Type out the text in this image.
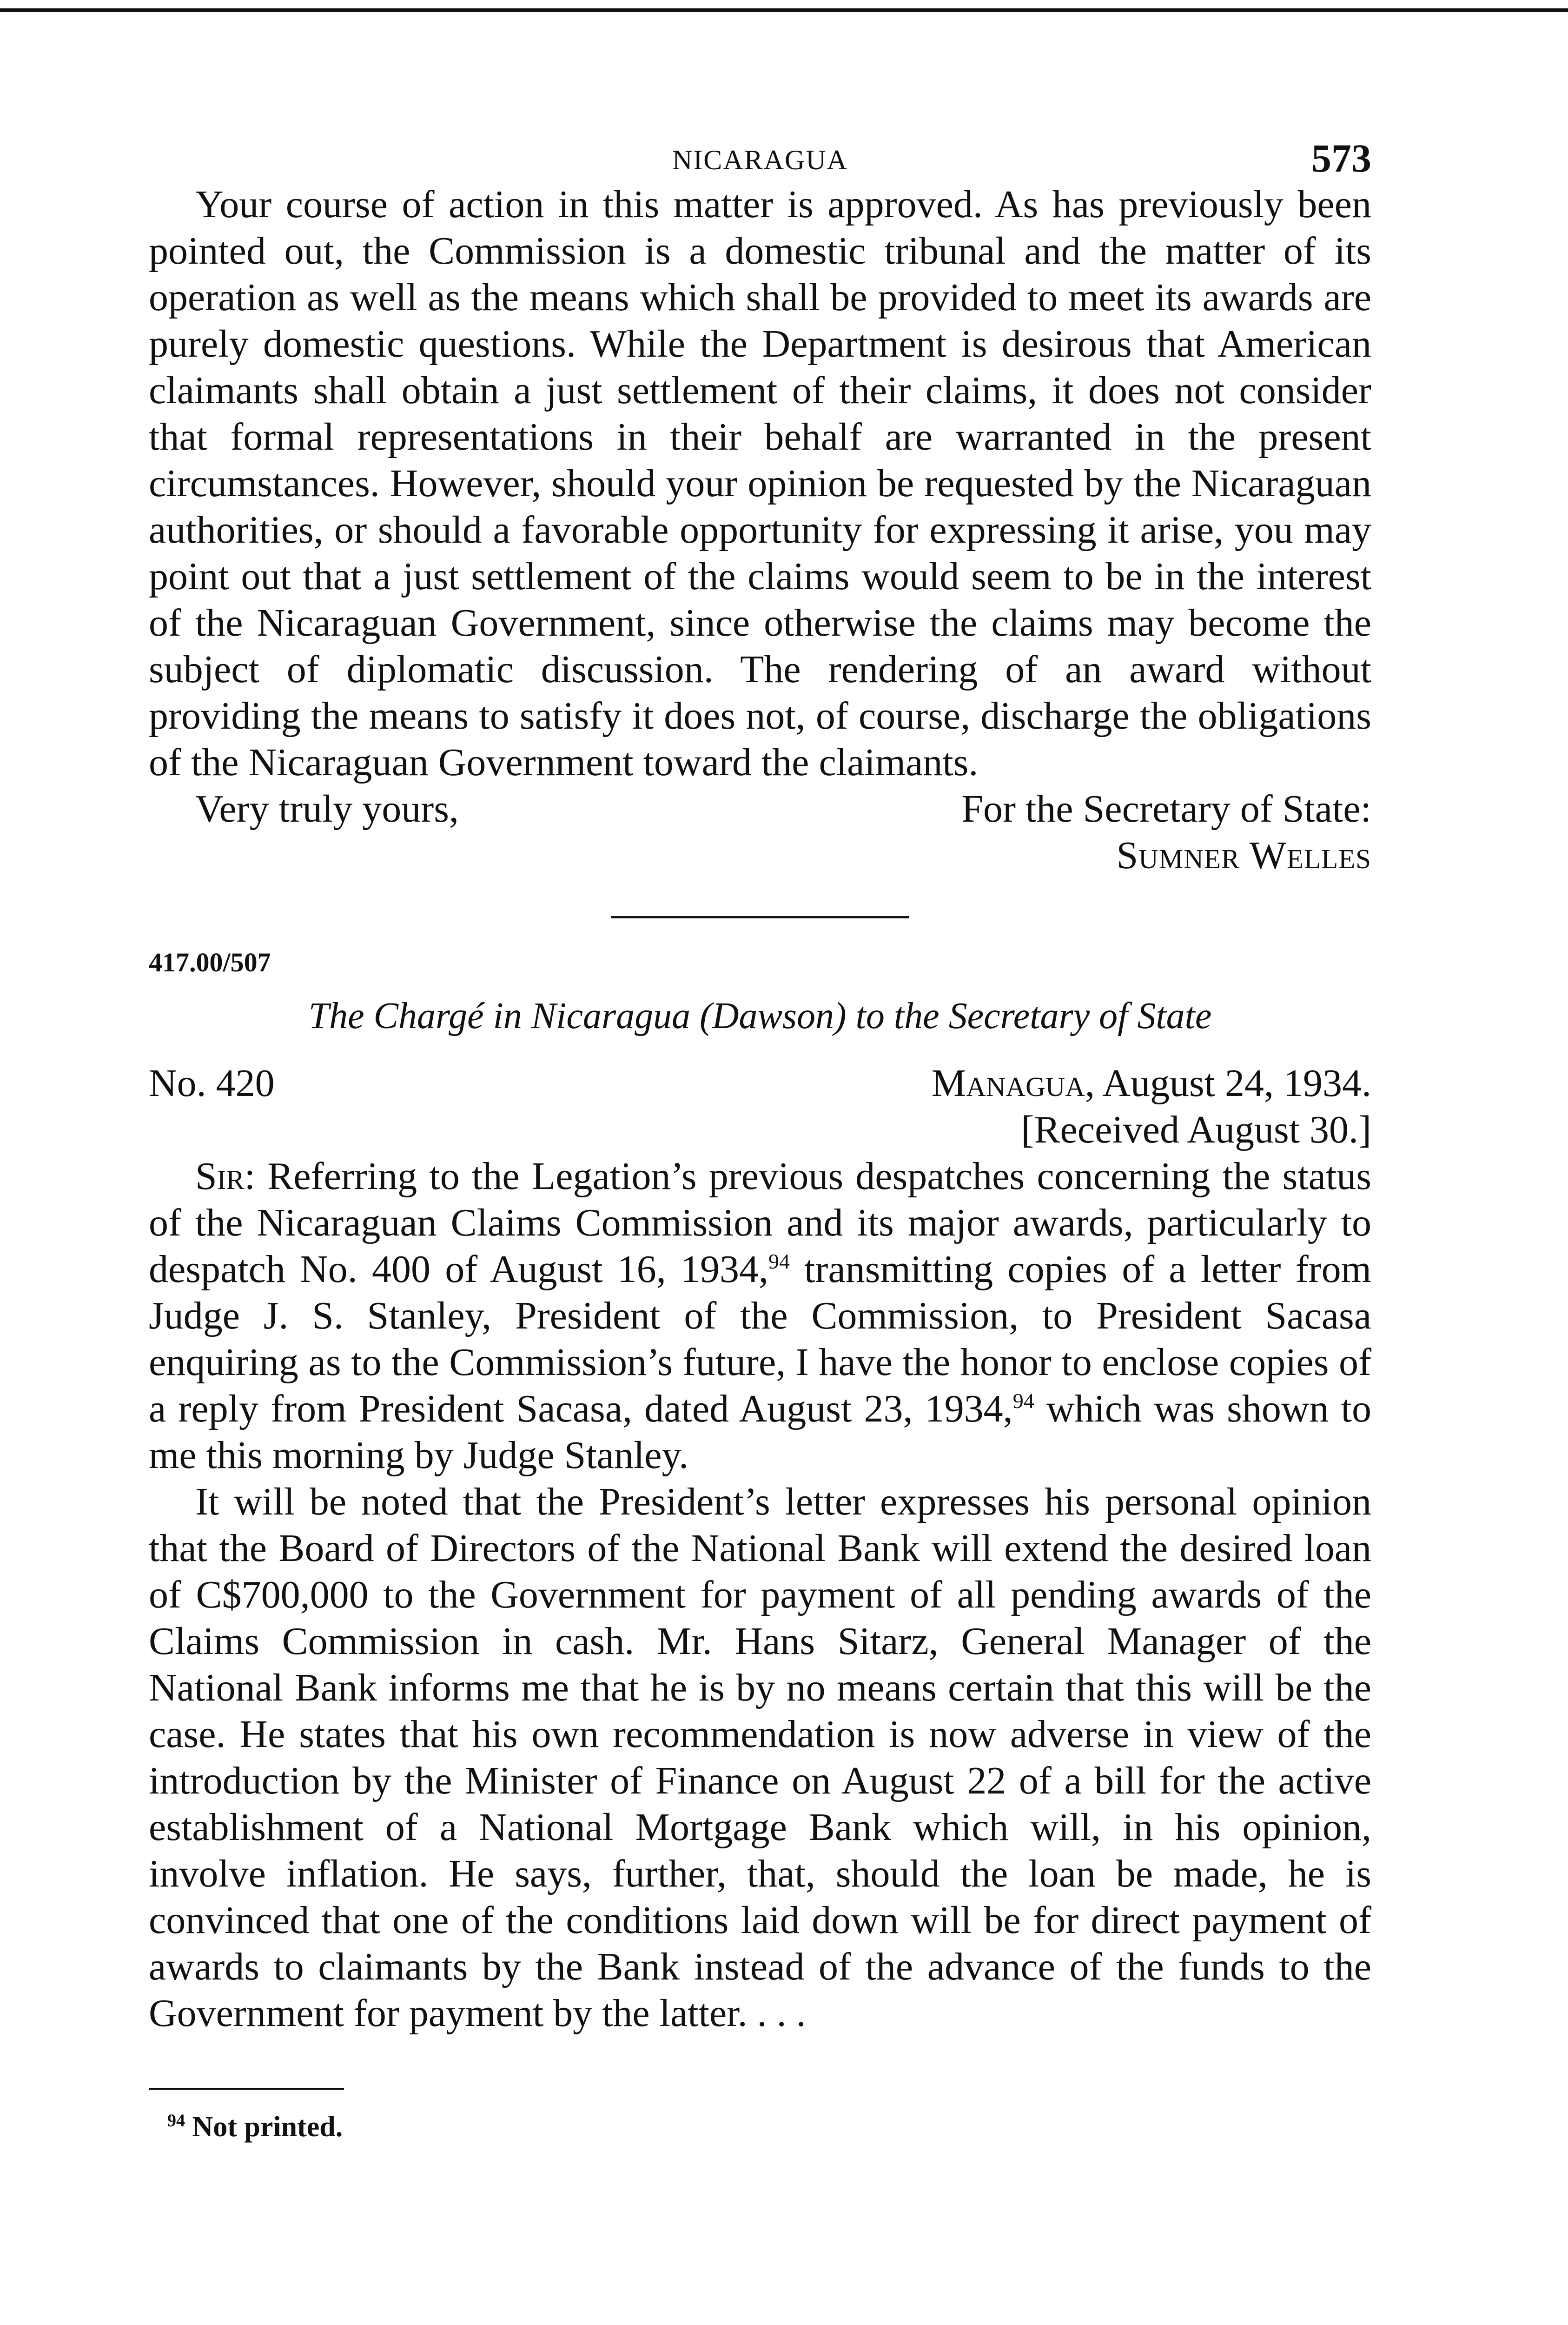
NICARAGUA	573

Your course of action in this matter is approved. As has previously been pointed out, the Commission is a domestic tribunal and the matter of its operation as well as the means which shall be provided to meet its awards are purely domestic questions. While the Department is desirous that American claimants shall obtain a just settlement of their claims, it does not consider that formal representations in their behalf are warranted in the present circumstances. However, should your opinion be requested by the Nicaraguan authorities, or should a favorable opportunity for expressing it arise, you may point out that a just settlement of the claims would seem to be in the interest of the Nicaraguan Government, since otherwise the claims may become the subject of diplomatic discussion. The rendering of an award without providing the means to satisfy it does not, of course, discharge the obligations of the Nicaraguan Government toward the claimants.

Very truly yours,	For the Secretary of State:
Sumner Welles
417.00/507
The Chargé in Nicaragua (Dawson) to the Secretary of State
No. 420	Managua, August 24, 1934.
[Received August 30.]

Sir: Referring to the Legation’s previous despatches concerning the status of the Nicaraguan Claims Commission and its major awards, particularly to despatch No. 400 of August 16, 1934,94 transmitting copies of a letter from Judge J. S. Stanley, President of the Commission, to President Sacasa enquiring as to the Commission’s future, I have the honor to enclose copies of a reply from President Sacasa, dated August 23, 1934,94 which was shown to me this morning by Judge Stanley.

It will be noted that the President’s letter expresses his personal opinion that the Board of Directors of the National Bank will extend the desired loan of C$700,000 to the Government for payment of all pending awards of the Claims Commission in cash. Mr. Hans Sitarz, General Manager of the National Bank informs me that he is by no means certain that this will be the case. He states that his own recommendation is now adverse in view of the introduction by the Minister of Finance on August 22 of a bill for the active establishment of a National Mortgage Bank which will, in his opinion, involve inflation. He says, further, that, should the loan be made, he is convinced that one of the conditions laid down will be for direct payment of awards to claimants by the Bank instead of the advance of the funds to the Government for payment by the latter. . . .

$^{94}$ Not printed.
